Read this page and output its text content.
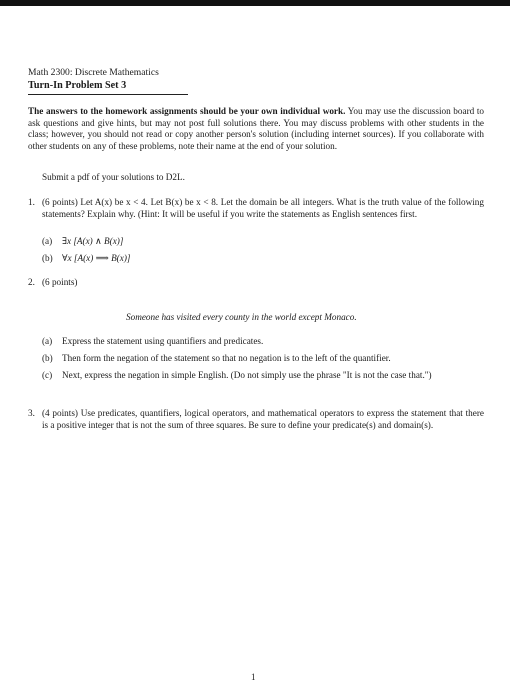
Math 2300: Discrete Mathematics
Turn-In Problem Set 3
The answers to the homework assignments should be your own individual work. You may use the discussion board to ask questions and give hints, but may not post full solutions there. You may discuss problems with other students in the class; however, you should not read or copy another person's solution (including internet sources). If you collaborate with other students on any of these problems, note their name at the end of your solution.
Submit a pdf of your solutions to D2L.
1. (6 points) Let A(x) be x < 4. Let B(x) be x < 8. Let the domain be all integers. What is the truth value of the following statements? Explain why. (Hint: It will be useful if you write the statements as English sentences first.
(a) ∃x [A(x) ∧ B(x)]
(b) ∀x [A(x) ⟹ B(x)]
2. (6 points)
Someone has visited every county in the world except Monaco.
(a) Express the statement using quantifiers and predicates.
(b) Then form the negation of the statement so that no negation is to the left of the quantifier.
(c) Next, express the negation in simple English. (Do not simply use the phrase "It is not the case that.")
3. (4 points) Use predicates, quantifiers, logical operators, and mathematical operators to express the statement that there is a positive integer that is not the sum of three squares. Be sure to define your predicate(s) and domain(s).
1
